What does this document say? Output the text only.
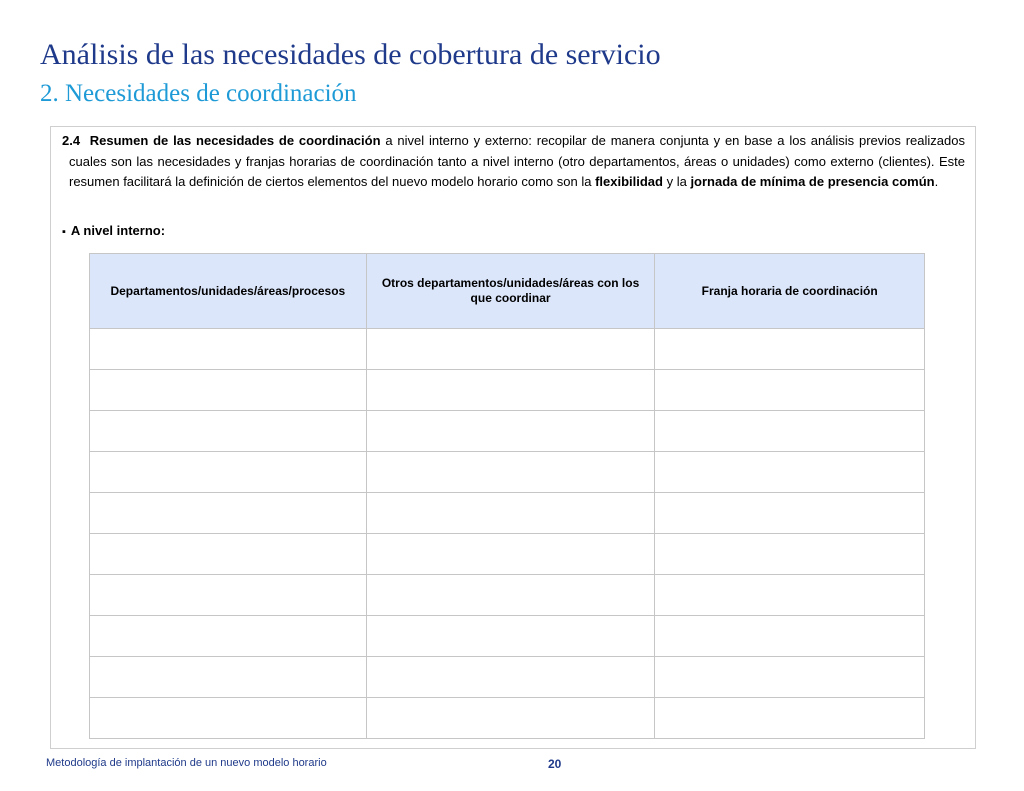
Análisis de las necesidades de cobertura de servicio
2. Necesidades de coordinación
2.4 Resumen de las necesidades de coordinación a nivel interno y externo: recopilar de manera conjunta y en base a los análisis previos realizados cuales son las necesidades y franjas horarias de coordinación tanto a nivel interno (otro departamentos, áreas o unidades) como externo (clientes). Este resumen facilitará la definición de ciertos elementos del nuevo modelo horario como son la flexibilidad y la jornada de mínima de presencia común.
▪ A nivel interno:
Departamentos/unidades/áreas/procesos	Otros departamentos/unidades/áreas con los que coordinar	Franja horaria de coordinación

Metodología de implantación de un nuevo modelo horario	20
